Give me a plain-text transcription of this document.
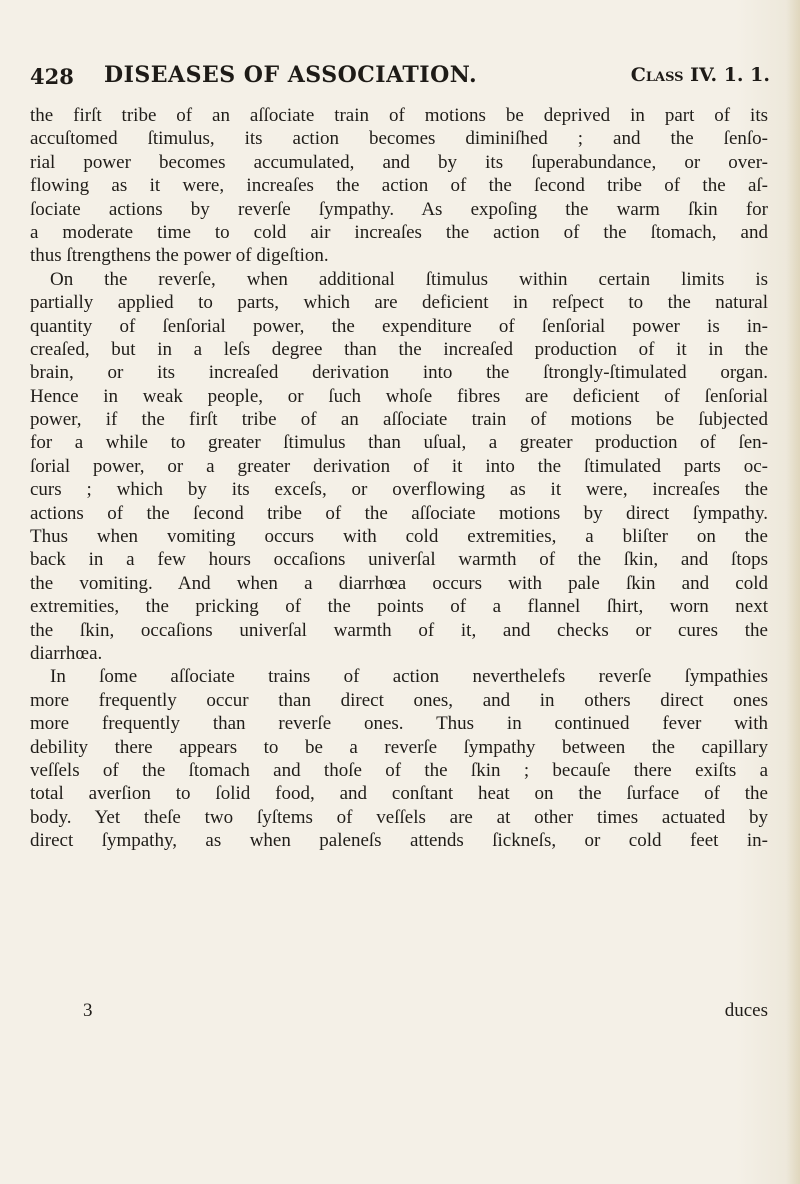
428 DISEASES OF ASSOCIATION.	Class IV. 1. 1.
the firſt tribe of an aſſociate train of motions be deprived in part of its
accuſtomed ſtimulus, its action becomes diminiſhed ; and the ſenſo-
rial power becomes accumulated, and by its ſuperabundance, or over-
flowing as it were, increaſes the action of the ſecond tribe of the aſ-
ſociate actions by reverſe ſympathy. As expoſing the warm ſkin for
a moderate time to cold air increaſes the action of the ſtomach, and
thus ſtrengthens the power of digeſtion.
On the reverſe, when additional ſtimulus within certain limits is
partially applied to parts, which are deficient in reſpect to the natural
quantity of ſenſorial power, the expenditure of ſenſorial power is in-
creaſed, but in a leſs degree than the increaſed production of it in the
brain, or its increaſed derivation into the ſtrongly-ſtimulated organ.
Hence in weak people, or ſuch whoſe fibres are deficient of ſenſorial
power, if the firſt tribe of an aſſociate train of motions be ſubjected
for a while to greater ſtimulus than uſual, a greater production of ſen-
ſorial power, or a greater derivation of it into the ſtimulated parts oc-
curs ; which by its exceſs, or overflowing as it were, increaſes the
actions of the ſecond tribe of the aſſociate motions by direct ſympathy.
Thus when vomiting occurs with cold extremities, a bliſter on the
back in a few hours occaſions univerſal warmth of the ſkin, and ſtops
the vomiting. And when a diarrhœa occurs with pale ſkin and cold
extremities, the pricking of the points of a flannel ſhirt, worn next
the ſkin, occaſions univerſal warmth of it, and checks or cures the
diarrhœa.
In ſome aſſociate trains of action neverthelefs reverſe ſympathies
more frequently occur than direct ones, and in others direct ones
more frequently than reverſe ones. Thus in continued fever with
debility there appears to be a reverſe ſympathy between the capillary
veſſels of the ſtomach and thoſe of the ſkin ; becauſe there exiſts a
total averſion to ſolid food, and conſtant heat on the ſurface of the
body. Yet theſe two ſyſtems of veſſels are at other times actuated by
direct ſympathy, as when paleneſs attends ſickneſs, or cold feet in-
3	duces
